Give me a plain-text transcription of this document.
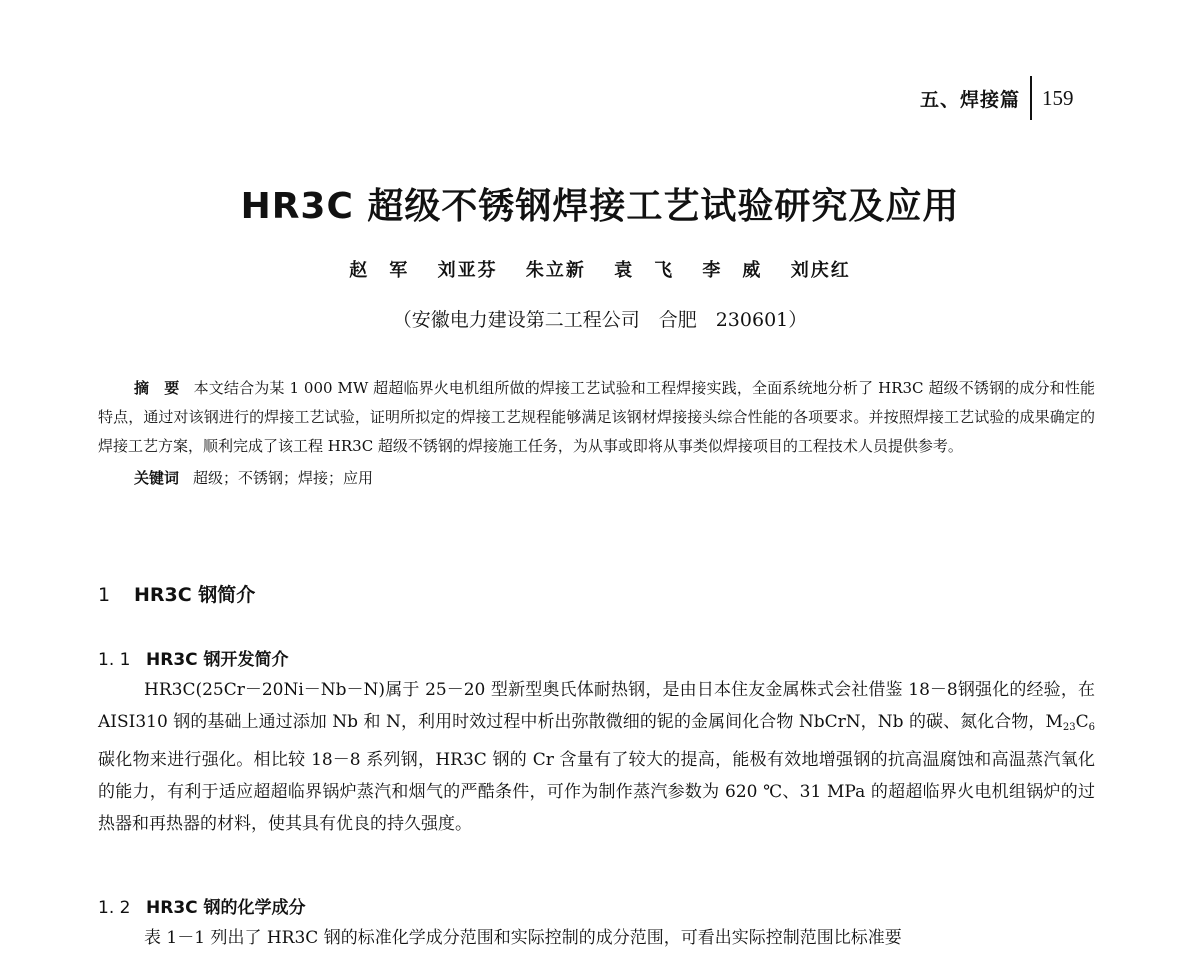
五、焊接篇	159
HR3C 超级不锈钢焊接工艺试验研究及应用
赵　军 刘亚芬 朱立新 袁　飞 李　威 刘庆红
（安徽电力建设第二工程公司　合肥　230601）

摘　要 本文结合为某 1 000 MW 超超临界火电机组所做的焊接工艺试验和工程焊接实践，全面系统地分析了 HR3C 超级不锈钢的成分和性能特点，通过对该钢进行的焊接工艺试验，证明所拟定的焊接工艺规程能够满足该钢材焊接接头综合性能的各项要求。并按照焊接工艺试验的成果确定的焊接工艺方案，顺利完成了该工程 HR3C 超级不锈钢的焊接施工任务，为从事或即将从事类似焊接项目的工程技术人员提供参考。

关键词 超级；不锈钢；焊接；应用
1 HR3C 钢简介
1. 1 HR3C 钢开发简介

HR3C(25Cr－20Ni－Nb－N)属于 25－20 型新型奥氏体耐热钢，是由日本住友金属株式会社借鉴 18－8钢强化的经验，在 AISI310 钢的基础上通过添加 Nb 和 N，利用时效过程中析出弥散微细的铌的金属间化合物 NbCrN，Nb 的碳、氮化合物，$M_{23}C_6$碳化物来进行强化。相比较 18－8 系列钢，HR3C 钢的 Cr 含量有了较大的提高，能极有效地增强钢的抗高温腐蚀和高温蒸汽氧化的能力，有利于适应超超临界锅炉蒸汽和烟气的严酷条件，可作为制作蒸汽参数为 620 ℃、31 MPa 的超超临界火电机组锅炉的过热器和再热器的材料，使其具有优良的持久强度。

1. 2 HR3C 钢的化学成分

表 1－1 列出了 HR3C 钢的标准化学成分范围和实际控制的成分范围，可看出实际控制范围比标准要
